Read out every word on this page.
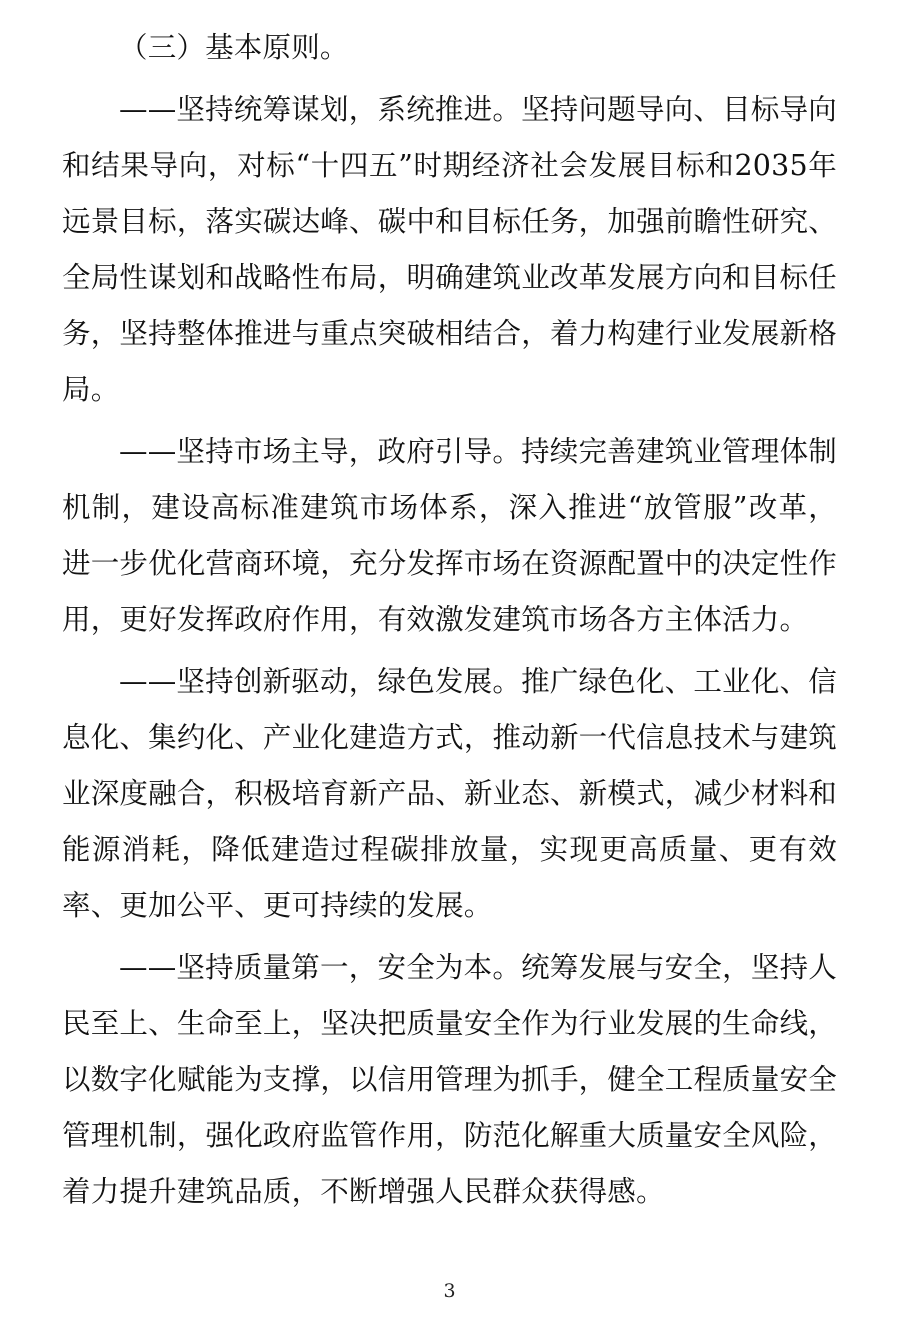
（三）基本原则。

——坚持统筹谋划，系统推进。坚持问题导向、目标导向和结果导向，对标“十四五”时期经济社会发展目标和2035年远景目标，落实碳达峰、碳中和目标任务，加强前瞻性研究、全局性谋划和战略性布局，明确建筑业改革发展方向和目标任务，坚持整体推进与重点突破相结合，着力构建行业发展新格局。

——坚持市场主导，政府引导。持续完善建筑业管理体制机制，建设高标准建筑市场体系，深入推进“放管服”改革，进一步优化营商环境，充分发挥市场在资源配置中的决定性作用，更好发挥政府作用，有效激发建筑市场各方主体活力。

——坚持创新驱动，绿色发展。推广绿色化、工业化、信息化、集约化、产业化建造方式，推动新一代信息技术与建筑业深度融合，积极培育新产品、新业态、新模式，减少材料和能源消耗，降低建造过程碳排放量，实现更高质量、更有效率、更加公平、更可持续的发展。

——坚持质量第一，安全为本。统筹发展与安全，坚持人民至上、生命至上，坚决把质量安全作为行业发展的生命线，以数字化赋能为支撑，以信用管理为抓手，健全工程质量安全管理机制，强化政府监管作用，防范化解重大质量安全风险，着力提升建筑品质，不断增强人民群众获得感。

3
